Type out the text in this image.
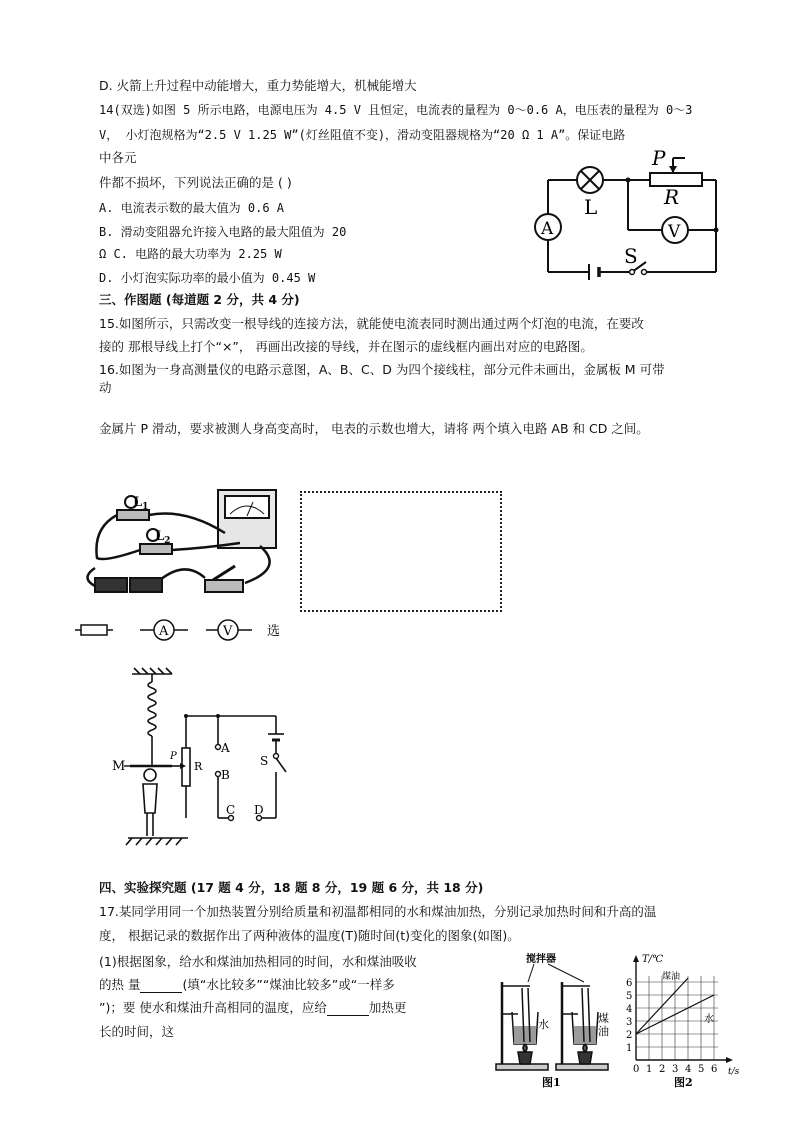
D. 火箭上升过程中动能增大，重力势能增大，机械能增大
14(双选)如图 5 所示电路，电源电压为 4.5 V 且恒定，电流表的量程为 0～0.6 A，电压表的量程为 0～3
V， 小灯泡规格为“2.5 V 1.25 W”(灯丝阻值不变)，滑动变阻器规格为“20 Ω 1 A”。保证电路
中各元
件都不损坏，下列说法正确的是 ( )
A. 电流表示数的最大值为 0.6 A
B. 滑动变阻器允许接入电路的最大阻值为 20
Ω C. 电路的最大功率为 2.25 W
D. 小灯泡实际功率的最小值为 0.45 W
三、作图题 (每道题 2 分，共 4 分)
15.如图所示，只需改变一根导线的连接方法，就能使电流表同时测出通过两个灯泡的电流，在要改
接的 那根导线上打个“×”， 再画出改接的导线，并在图示的虚线框内画出对应的电路图。
16.如图为一身高测量仪的电路示意图，A、B、C、D 为四个接线柱，部分元件未画出，金属板 M 可带
动
金属片 P 滑动，要求被测人身高变高时， 电表的示数也增大，请将 两个填入电路 AB 和 CD 之间。
四、实验探究题 (17 题 4 分，18 题 8 分，19 题 6 分，共 18 分)
17.某同学用同一个加热装置分别给质量和初温都相同的水和煤油加热，分别记录加热时间和升高的温
度， 根据记录的数据作出了两种液体的温度(T)随时间(t)变化的图象(如图)。
(1)根据图象，给水和煤油加热相同的时间，水和煤油吸收
的热 量	(填“水比较多”“煤油比较多”或“一样多
”)；要 使水和煤油升高相同的温度，应给	加热更
长的时间，这
P
R
L
A	V
S
$L_1$
$L_2$
A	V	选
M
P
R
A
B
C D
S
搅拌器
水	煤
油
图1
1
2
3
4
5
6
0 1 2 3 4 5 6
T/℃
t/s
煤油
水
图2
